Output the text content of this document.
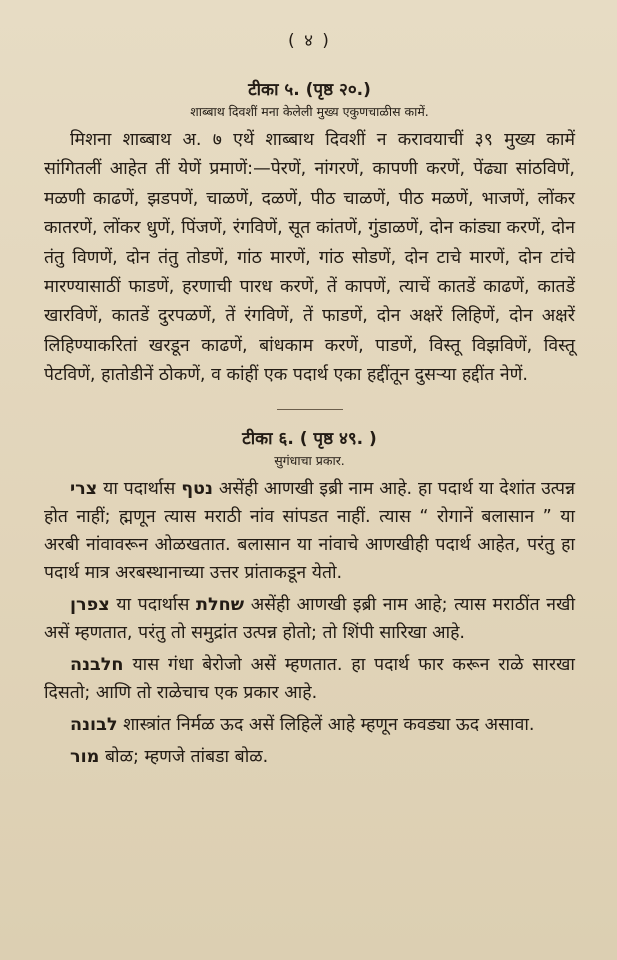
( ४ )
टीका ५. (पृष्ठ २०.)
शाब्बाथ दिवशीं मना केलेली मुख्य एकुणचाळीस कामें.

मिशना शाब्बाथ अ. ७ एथें शाब्बाथ दिवशीं न करावयाचीं ३९ मुख्य कामें सांगितलीं आहेत तीं येणें प्रमाणें:—पेरणें, नांगरणें, कापणी करणें, पेंढ्या सांठविणें, मळणी काढणें, झडपणें, चाळणें, दळणें, पीठ चाळणें, पीठ मळणें, भाजणें, लोंकर कातरणें, लोंकर धुणें, पिंजणें, रंगविणें, सूत कांतणें, गुंडाळणें, दोन कांड्या करणें, दोन तंतु विणणें, दोन तंतु तोडणें, गांठ मारणें, गांठ सोडणें, दोन टाचे मारणें, दोन टांचे मारण्यासाठीं फाडणें, हरणाची पारध करणें, तें कापणें, त्याचें कातडें काढणें, कातडें खारविणें, कातडें दुरपळणें, तें रंगविणें, तें फाडणें, दोन अक्षरें लिहिणें, दोन अक्षरें लिहिण्याकरितां खरडून काढणें, बांधकाम करणें, पाडणें, विस्तू विझविणें, विस्तू पेटविणें, हातोडीनें ठोकणें, व कांहीं एक पदार्थ एका हद्दींतून दुसऱ्या हद्दींत नेणें.

टीका ६. ( पृष्ठ ४९. )
सुगंधाचा प्रकार.

צרי या पदार्थास נטף असेंही आणखी इब्री नाम आहे. हा पदार्थ या देशांत उत्पन्न होत नाहीं; ह्मणून त्यास मराठी नांव सांपडत नाहीं. त्यास “ रोगानें बलासान ” या अरबी नांवावरून ओळखतात. बलासान या नांवाचे आणखीही पदार्थ आहेत, परंतु हा पदार्थ मात्र अरबस्थानाच्या उत्तर प्रांताकडून येतो.

צפרן या पदार्थास שחלת असेंही आणखी इब्री नाम आहे; त्यास मराठींत नखी असें म्हणतात, परंतु तो समुद्रांत उत्पन्न होतो; तो शिंपी सारिखा आहे.

חלבנה यास गंधा बेरोजो असें म्हणतात. हा पदार्थ फार करून राळे सारखा दिसतो; आणि तो राळेचाच एक प्रकार आहे.

לבונה शास्त्रांत निर्मळ ऊद असें लिहिलें आहे म्हणून कवड्या ऊद असावा.

מור बोळ; म्हणजे तांबडा बोळ.
